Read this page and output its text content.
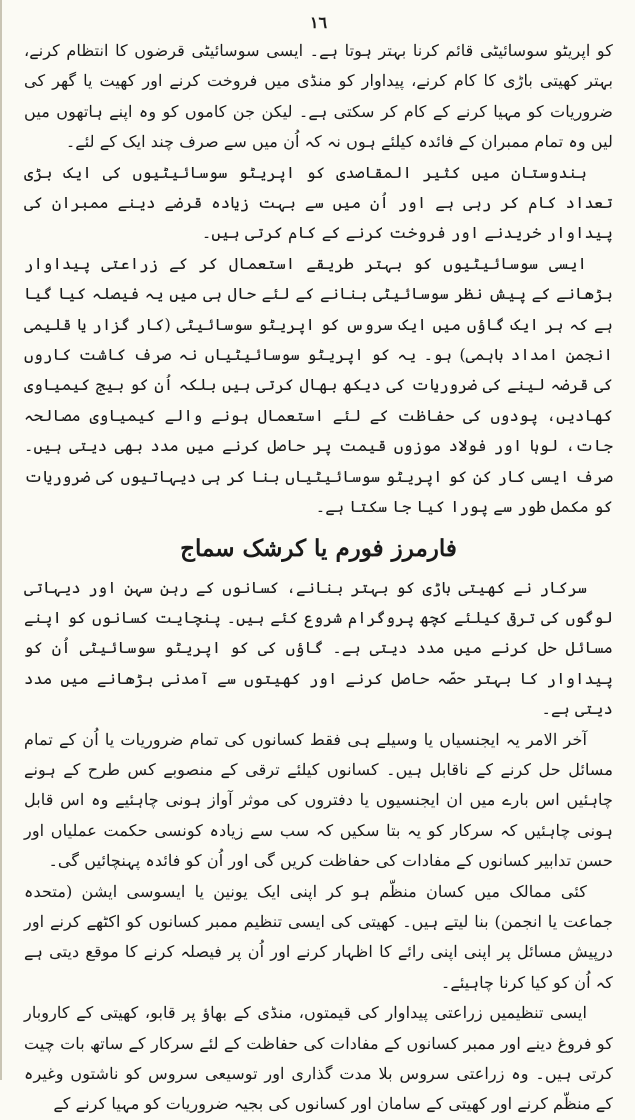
١٦

کو اپریٹو سوسائیٹی قائم کرنا بہتر ہوتا ہے۔ ایسی سوسائیٹی قرضوں کا انتظام کرنے، بہتر کھیتی باڑی کا کام کرنے، پیداوار کو منڈی میں فروخت کرنے اور کھیت یا گھر کی ضروریات کو مہیا کرنے کے کام کر سکتی ہے۔ لیکن جن کاموں کو وہ اپنے ہاتھوں میں لیں وہ تمام ممبران کے فائدہ کیلئے ہوں نہ کہ اُن میں سے صرف چند ایک کے لئے۔

ہندوستان میں کثیر المقاصدی کو اپریٹو سوسائیٹیوں کی ایک بڑی تعداد کام کر رہی ہے اور اُن میں سے بہت زیادہ قرضے دینے ممبران کی پیداوار خریدنے اور فروخت کرنے کے کام کرتی ہیں۔

ایسی سوسائیٹیوں کو بہتر طریقے استعمال کر کے زراعتی پیداوار بڑھانے کے پیش نظر سوسائیٹی بنانے کے لئے حال ہی میں یہ فیصلہ کیا گیا ہے کہ ہر ایک گاؤں میں ایک سروس کو اپریٹو سوسائیٹی (کار گزار یا قلیمی انجمن امداد باہمی) ہو۔ یہ کو اپریٹو سوسائیٹیاں نہ صرف کاشت کاروں کی قرضہ لینے کی ضروریات کی دیکھ بھال کرتی ہیں بلکہ اُن کو بیج کیمیاوی کھادیں، پودوں کی حفاظت کے لئے استعمال ہونے والے کیمیاوی مصالحہ جات، لوہا اور فولاد موزوں قیمت پر حاصل کرنے میں مدد بھی دیتی ہیں۔ صرف ایسی کار کن کو اپریٹو سوسائیٹیاں بنا کر ہی دیہاتیوں کی ضروریات کو مکمل طور سے پورا کیا جا سکتا ہے۔

فارمرز فورم یا کرشک سماج

سرکار نے کھیتی باڑی کو بہتر بنانے، کسانوں کے رہن سہن اور دیہاتی لوگوں کی ترقی کیلئے کچھ پروگرام شروع کئے ہیں۔ پنچایت کسانوں کو اپنے مسائل حل کرنے میں مدد دیتی ہے۔ گاؤں کی کو اپریٹو سوسائیٹی اُن کو پیداوار کا بہتر حصّہ حاصل کرنے اور کھیتوں سے آمدنی بڑھانے میں مدد دیتی ہے۔

آخر الامر یہ ایجنسیاں یا وسیلے ہی فقط کسانوں کی تمام ضروریات یا اُن کے تمام مسائل حل کرنے کے ناقابل ہیں۔ کسانوں کیلئے ترقی کے منصوبے کس طرح کے ہونے چاہئیں اس بارے میں ان ایجنسیوں یا دفتروں کی موثر آواز ہونی چاہئیے وہ اس قابل ہونی چاہئیں کہ سرکار کو یہ بتا سکیں کہ سب سے زیادہ کونسی حکمت عملیاں اور حسن تدابیر کسانوں کے مفادات کی حفاظت کریں گی اور اُن کو فائدہ پہنچائیں گی۔

کئی ممالک میں کسان منظّم ہو کر اپنی ایک یونین یا ایسوسی ایشن (متحدہ جماعت یا انجمن) بنا لیتے ہیں۔ کھیتی کی ایسی تنظیم ممبر کسانوں کو اکٹھے کرنے اور درپیش مسائل پر اپنی اپنی رائے کا اظہار کرنے اور اُن پر فیصلہ کرنے کا موقع دیتی ہے کہ اُن کو کیا کرنا چاہیئے۔

ایسی تنظیمیں زراعتی پیداوار کی قیمتوں، منڈی کے بھاؤ پر قابو، کھیتی کے کاروبار کو فروغ دینے اور ممبر کسانوں کے مفادات کی حفاظت کے لئے سرکار کے ساتھ بات چیت کرتی ہیں۔ وہ زراعتی سروس بلا مدت گذاری اور توسیعی سروس کو ناشتوں وغیرہ کے منظّم کرنے اور کھیتی کے سامان اور کسانوں کی بجیہ ضروریات کو مہیا کرنے کے
